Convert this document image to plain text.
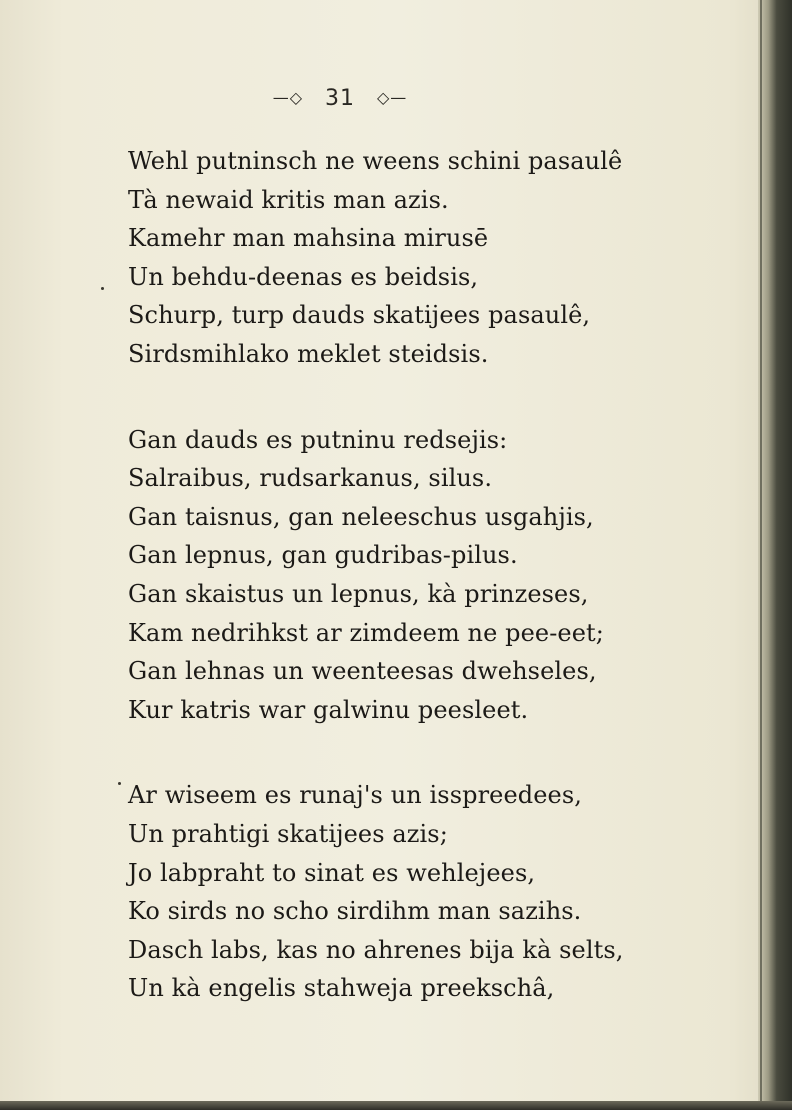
—◇ 31 ◇—
Wehl putninsch ne weens schini pasaulê
Tà newaid kritis man azis.
Kamehr man mahsina mirusē
Un behdu-deenas es beidsis,
Schurp, turp dauds skatijees pasaulê,
Sirdsmihlako meklet steidsis.
Gan dauds es putninu redsejis:
Salraibus, rudsarkanus, silus.
Gan taisnus, gan neleeschus usgahjis,
Gan lepnus, gan gudribas-pilus.
Gan skaistus un lepnus, kà prinzeses,
Kam nedrihkst ar zimdeem ne pee-eet;
Gan lehnas un weenteesas dwehseles,
Kur katris war galwinu peesleet.
Ar wiseem es runaj's un isspreedees,
Un prahtigi skatijees azis;
Jo labpraht to sinat es wehlejees,
Ko sirds no scho sirdihm man sazihs.
Dasch labs, kas no ahrenes bija kà selts,
Un kà engelis stahweja preekschâ,
